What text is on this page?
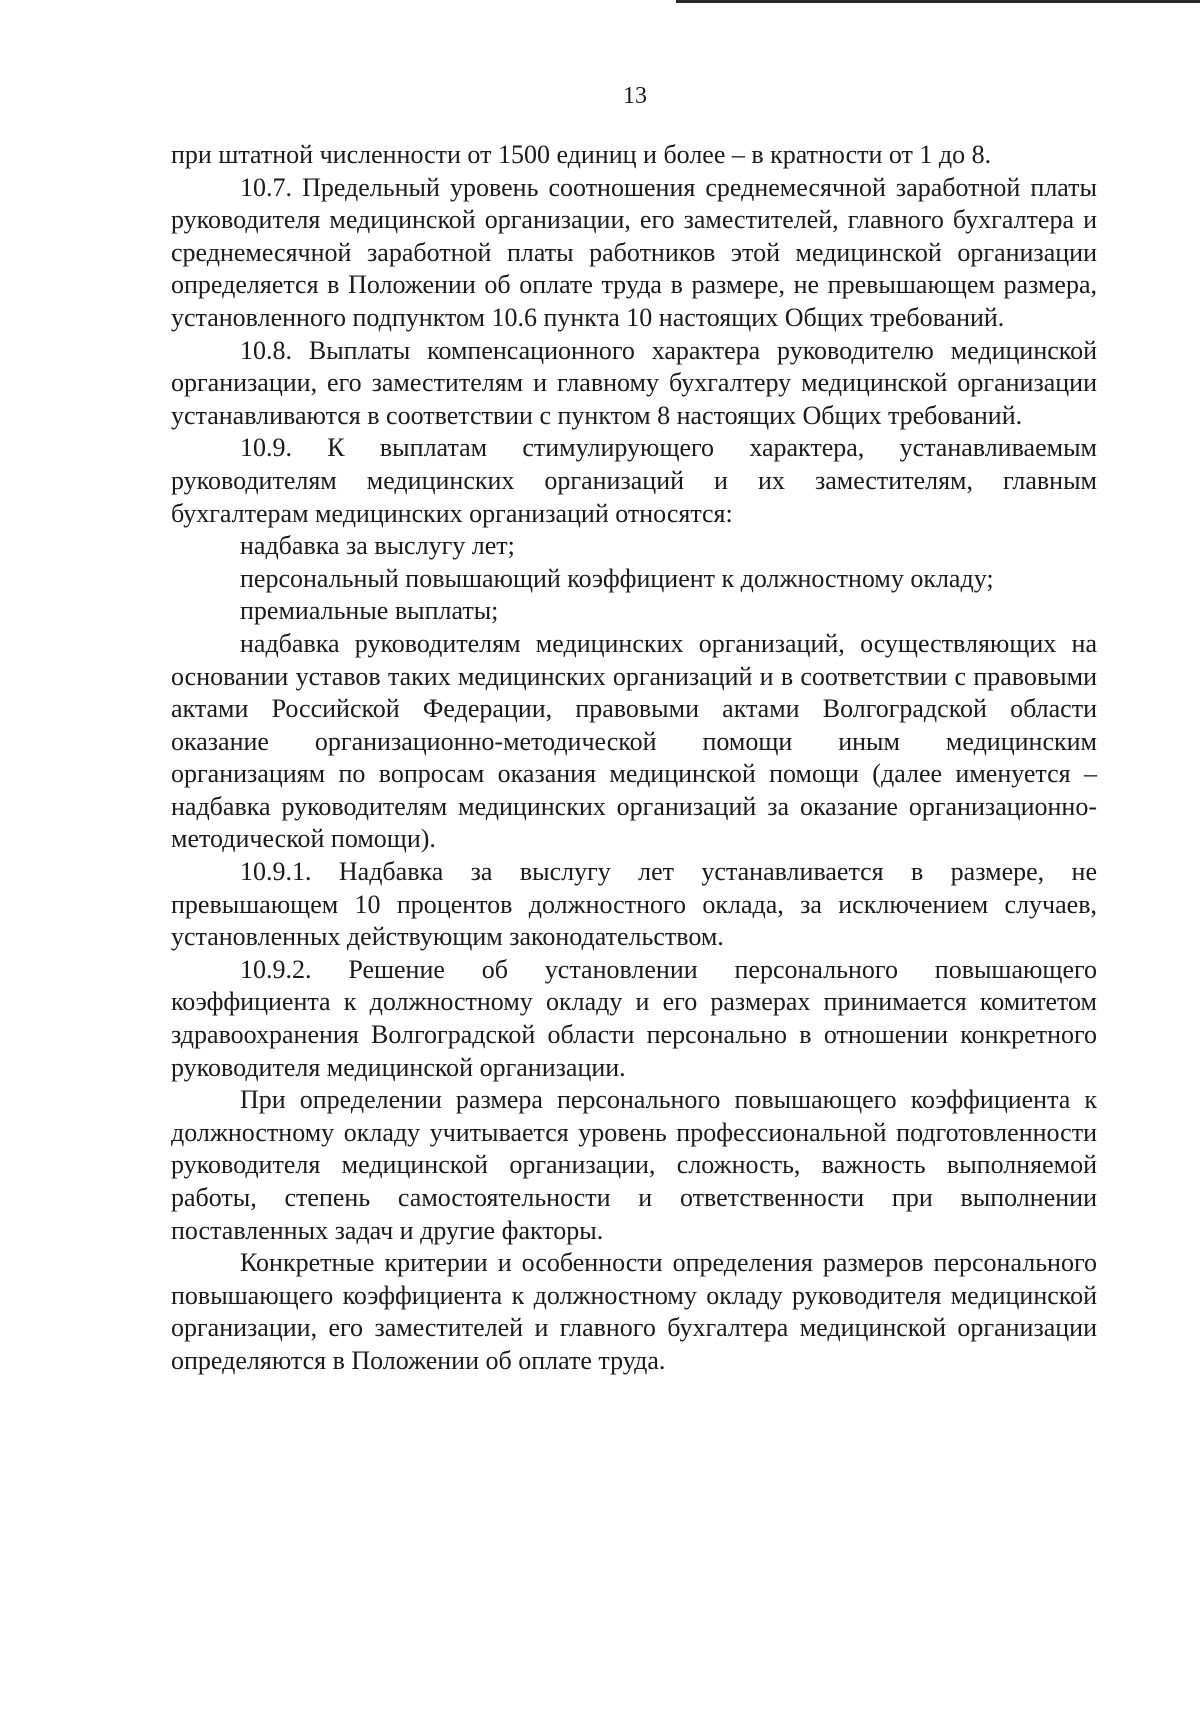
13

при штатной численности от 1500 единиц и более – в кратности от 1 до 8.

10.7. Предельный уровень соотношения среднемесячной заработной платы руководителя медицинской организации, его заместителей, главного бухгалтера и среднемесячной заработной платы работников этой медицинской организации определяется в Положении об оплате труда в размере, не превышающем размера, установленного подпунктом 10.6 пункта 10 настоящих Общих требований.

10.8. Выплаты компенсационного характера руководителю медицинской организации, его заместителям и главному бухгалтеру медицинской организации устанавливаются в соответствии с пунктом 8 настоящих Общих требований.

10.9. К выплатам стимулирующего характера, устанавливаемым руководителям медицинских организаций и их заместителям, главным бухгалтерам медицинских организаций относятся:

надбавка за выслугу лет;

персональный повышающий коэффициент к должностному окладу;

премиальные выплаты;

надбавка руководителям медицинских организаций, осуществляющих на основании уставов таких медицинских организаций и в соответствии с правовыми актами Российской Федерации, правовыми актами Волгоградской области оказание организационно-методической помощи иным медицинским организациям по вопросам оказания медицинской помощи (далее именуется – надбавка руководителям медицинских организаций за оказание организационно-методической помощи).

10.9.1. Надбавка за выслугу лет устанавливается в размере, не превышающем 10 процентов должностного оклада, за исключением случаев, установленных действующим законодательством.

10.9.2. Решение об установлении персонального повышающего коэффициента к должностному окладу и его размерах принимается комитетом здравоохранения Волгоградской области персонально в отношении конкретного руководителя медицинской организации.

При определении размера персонального повышающего коэффициента к должностному окладу учитывается уровень профессиональной подготовленности руководителя медицинской организации, сложность, важность выполняемой работы, степень самостоятельности и ответственности при выполнении поставленных задач и другие факторы.

Конкретные критерии и особенности определения размеров персонального повышающего коэффициента к должностному окладу руководителя медицинской организации, его заместителей и главного бухгалтера медицинской организации определяются в Положении об оплате труда.
